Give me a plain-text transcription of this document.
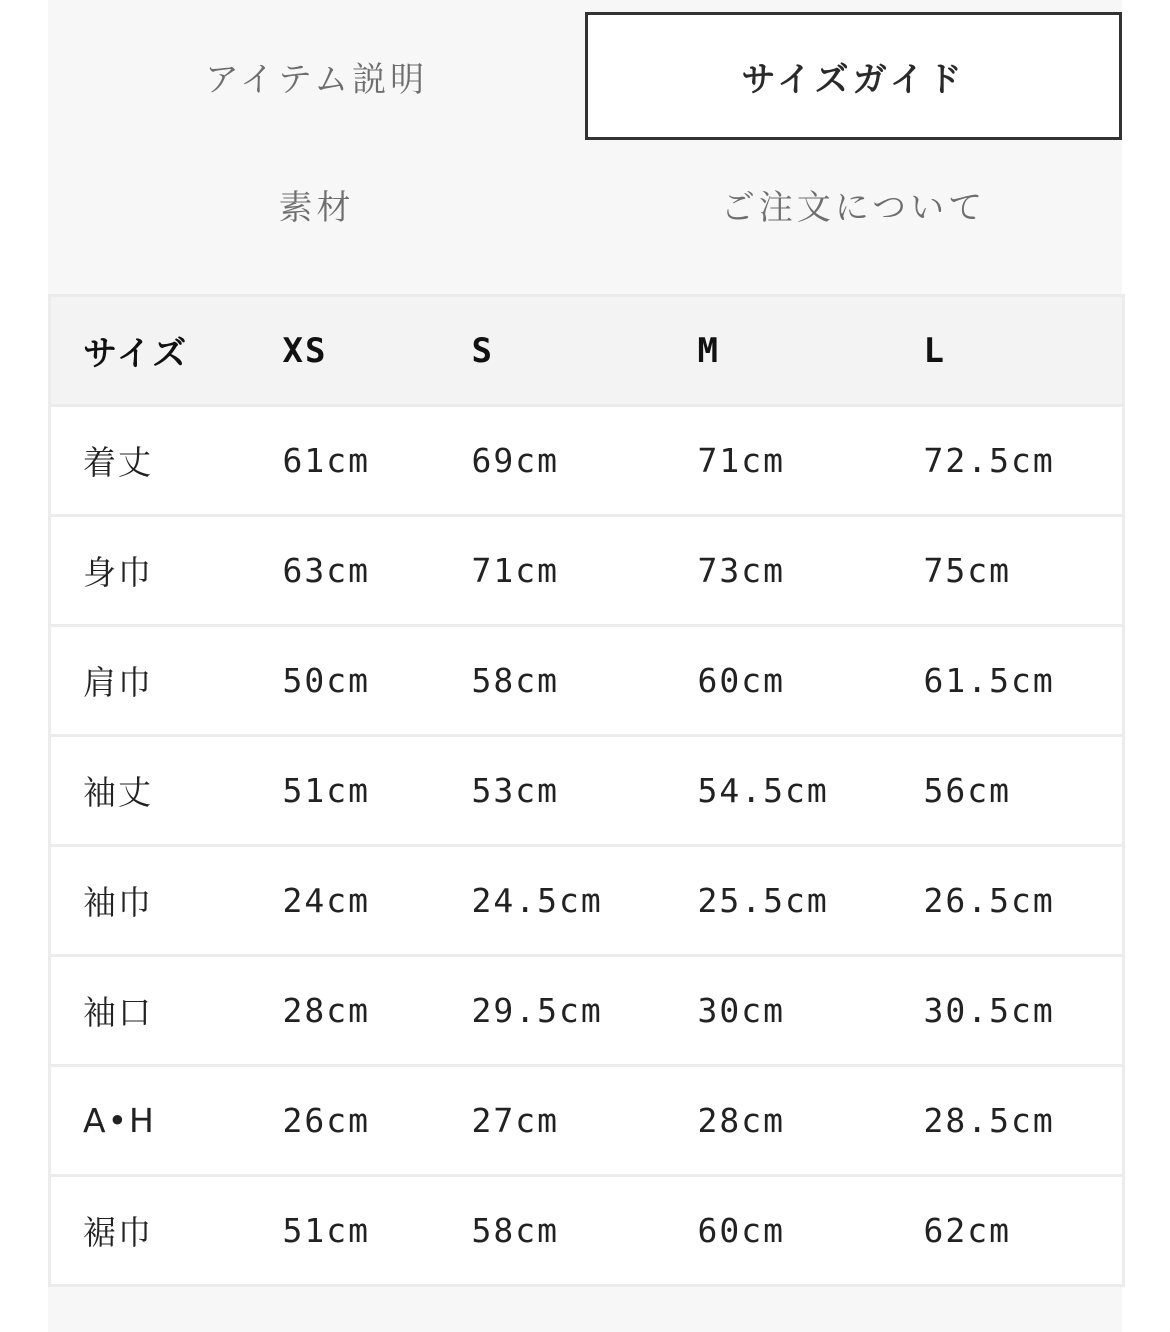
アイテム説明	サイズガイド
素材	ご注文について
サイズ	XS	S	M	L
着丈	61cm	69cm	71cm	72.5cm
身巾	63cm	71cm	73cm	75cm
肩巾	50cm	58cm	60cm	61.5cm
袖丈	51cm	53cm	54.5cm	56cm
袖巾	24cm	24.5cm	25.5cm	26.5cm
袖口	28cm	29.5cm	30cm	30.5cm
A•H	26cm	27cm	28cm	28.5cm
裾巾	51cm	58cm	60cm	62cm
